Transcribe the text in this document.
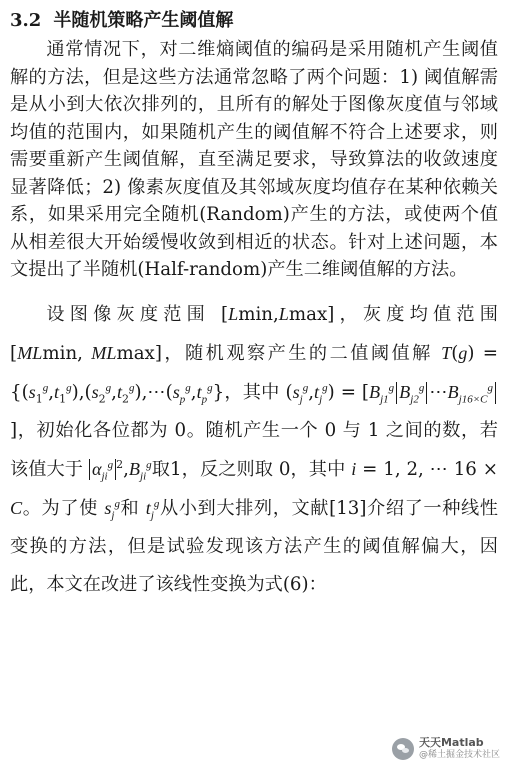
3.2 半随机策略产生阈值解

通常情况下，对二维熵阈值的编码是采用随机产生阈值解的方法，但是这些方法通常忽略了两个问题：1) 阈值解需是从小到大依次排列的，且所有的解处于图像灰度值与邻域均值的范围内，如果随机产生的阈值解不符合上述要求，则需要重新产生阈值解，直至满足要求，导致算法的收敛速度显著降低；2) 像素灰度值及其邻域灰度均值存在某种依赖关系，如果采用完全随机(Random)产生的方法，或使两个值从相差很大开始缓慢收敛到相近的状态。针对上述问题，本文提出了半随机(Half-random)产生二维阈值解的方法。

设图像灰度范围 [Lmin,Lmax]，灰度均值范围 [MLmin, MLmax]，随机观察产生的二值阈值解 $T(g) = \{(s_1^g,t_1^g),(s_2^g,t_2^g),\cdots(s_p^g,t_p^g\}$，其中 $(s_j^g,t_j^g) = [B_{j1}^g$ $B_{j2}^g$ $\cdots B_{j16\times C}^g$]，初始化各位都为 0。随机产生一个 0 与 1 之间的数，若该值大于 $\alpha_{ji}^g$ $^2,B_{ji}^g$取1，反之则取 0，其中 i = 1, 2, ⋯ 16 × C。为了使 $s_j^g$和 $t_j^g$从小到大排列，文献[13]介绍了一种线性变换的方法，但是试验发现该方法产生的阈值解偏大，因此，本文在改进了该线性变换为式(6)：

天天Matlab
@稀土掘金技术社区
